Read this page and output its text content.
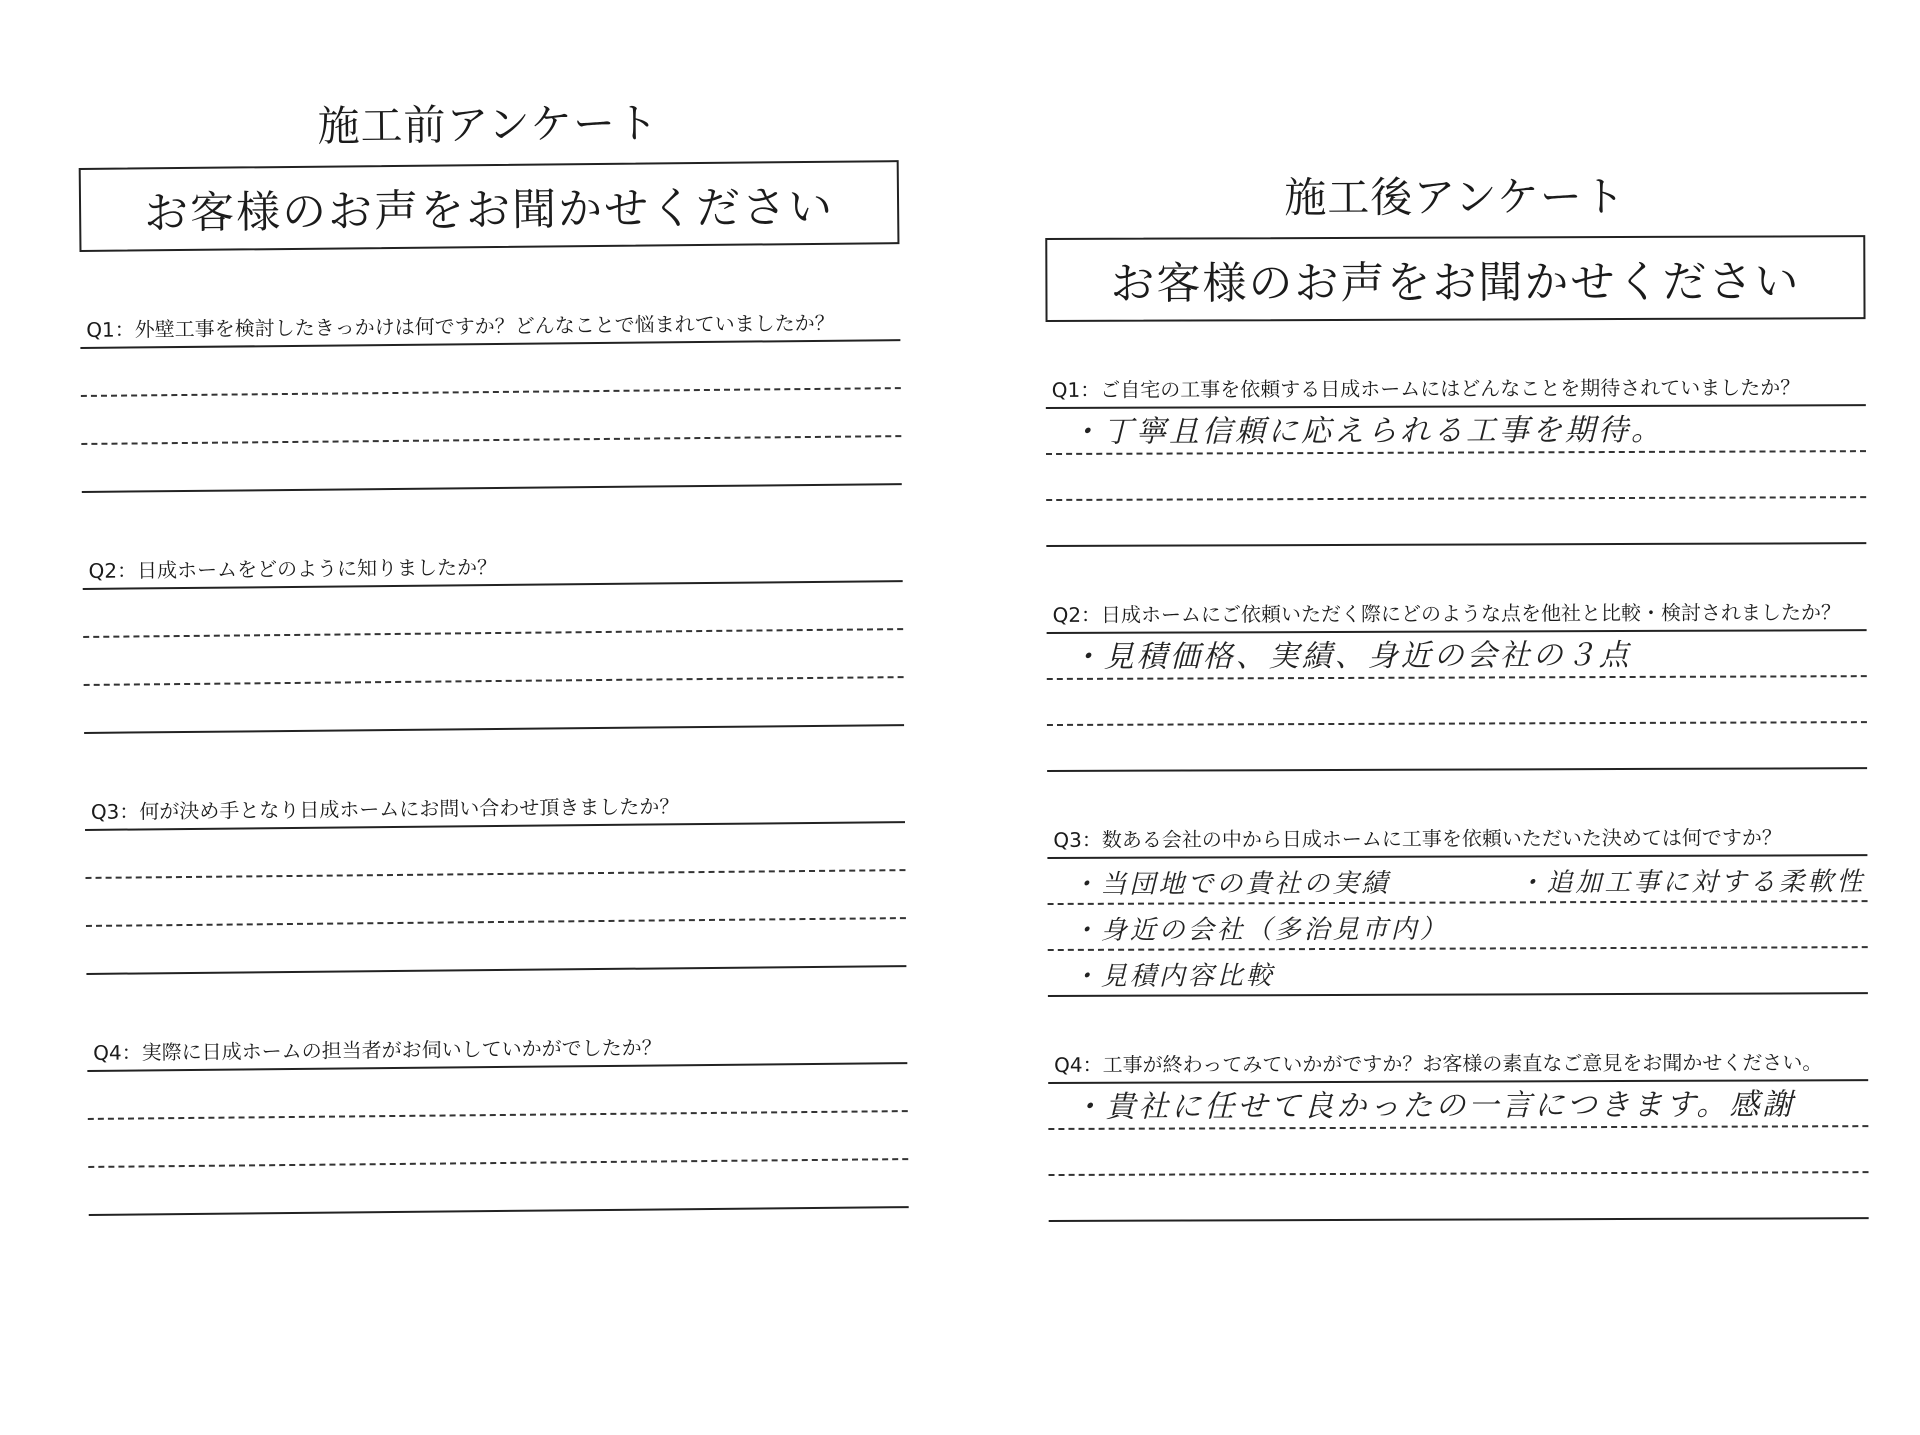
施工前アンケート
お客様のお声をお聞かせください
Q1：外壁工事を検討したきっかけは何ですか？どんなことで悩まれていましたか？
Q2：日成ホームをどのように知りましたか？
Q3：何が決め手となり日成ホームにお問い合わせ頂きましたか？
Q4：実際に日成ホームの担当者がお伺いしていかがでしたか？
施工後アンケート
お客様のお声をお聞かせください
Q1：ご自宅の工事を依頼する日成ホームにはどんなことを期待されていましたか？
・丁寧且信頼に応えられる工事を期待。
Q2：日成ホームにご依頼いただく際にどのような点を他社と比較・検討されましたか？
・見積価格、実績、身近の会社の３点
Q3：数ある会社の中から日成ホームに工事を依頼いただいた決めては何ですか？
・当団地での貴社の実績	・追加工事に対する柔軟性
・身近の会社（多治見市内）
・見積内容比較
Q4：工事が終わってみていかがですか？お客様の素直なご意見をお聞かせください。
・貴社に任せて良かったの一言につきます。感謝
